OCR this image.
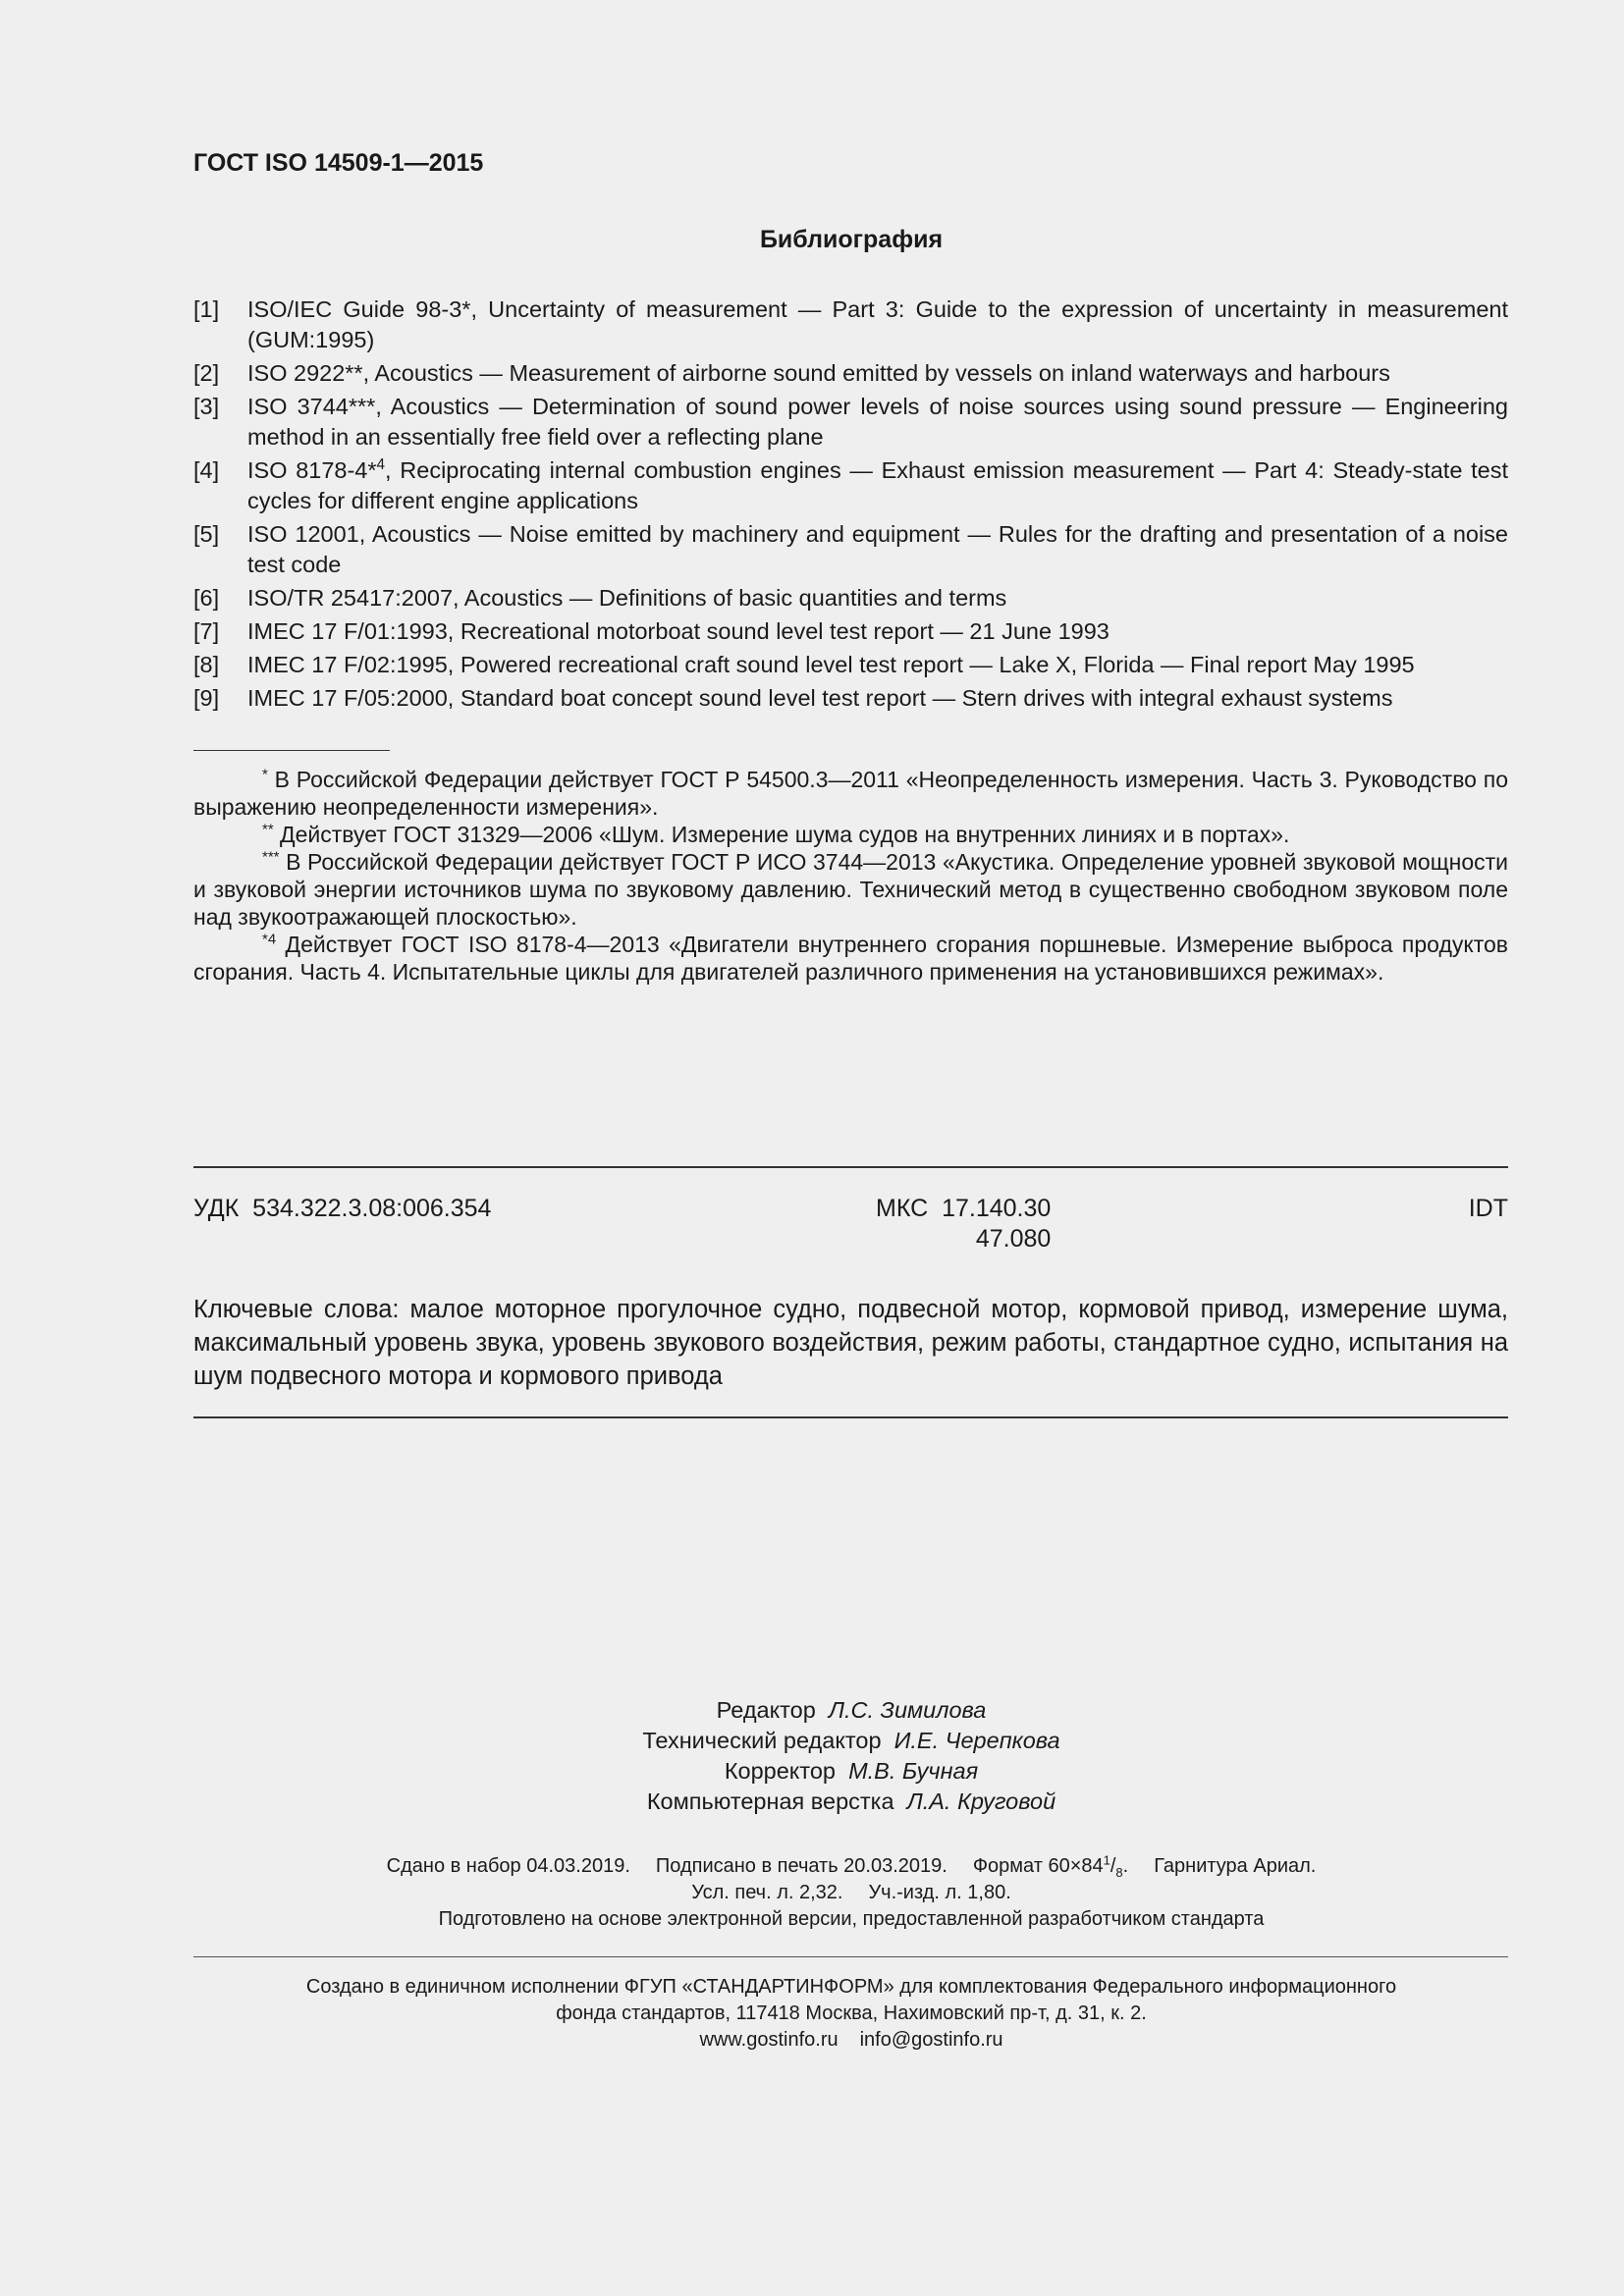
ГОСТ ISO 14509-1—2015
Библиография
[1]	ISO/IEC Guide 98-3*, Uncertainty of measurement — Part 3: Guide to the expression of uncertainty in measurement (GUM:1995)
[2]	ISO 2922**, Acoustics — Measurement of airborne sound emitted by vessels on inland waterways and harbours
[3]	ISO 3744***, Acoustics — Determination of sound power levels of noise sources using sound pressure — Engineering method in an essentially free field over a reflecting plane
[4]	ISO 8178-4*$^4$, Reciprocating internal combustion engines — Exhaust emission measurement — Part 4: Steady-state test cycles for different engine applications
[5]	ISO 12001, Acoustics — Noise emitted by machinery and equipment — Rules for the drafting and presentation of a noise test code
[6]	ISO/TR 25417:2007, Acoustics — Definitions of basic quantities and terms
[7]	IMEC 17 F/01:1993, Recreational motorboat sound level test report — 21 June 1993
[8]	IMEC 17 F/02:1995, Powered recreational craft sound level test report — Lake X, Florida — Final report May 1995
[9]	IMEC 17 F/05:2000, Standard boat concept sound level test report — Stern drives with integral exhaust systems
* В Российской Федерации действует ГОСТ Р 54500.3—2011 «Неопределенность измерения. Часть 3. Руководство по выражению неопределенности измерения».
** Действует ГОСТ 31329—2006 «Шум. Измерение шума судов на внутренних линиях и в портах».
*** В Российской Федерации действует ГОСТ Р ИСО 3744—2013 «Акустика. Определение уровней звуковой мощности и звуковой энергии источников шума по звуковому давлению. Технический метод в существенно свободном звуковом поле над звукоотражающей плоскостью».
$^{*4}$ Действует ГОСТ ISO 8178-4—2013 «Двигатели внутреннего сгорания поршневые. Измерение выброса продуктов сгорания. Часть 4. Испытательные циклы для двигателей различного применения на установившихся режимах».
УДК 534.322.3.08:006.354	МКС 17.140.30
47.080
IDT
Ключевые слова: малое моторное прогулочное судно, подвесной мотор, кормовой привод, измерение шума, максимальный уровень звука, уровень звукового воздействия, режим работы, стандартное судно, испытания на шум подвесного мотора и кормового привода
Редактор Л.С. Зимилова
Технический редактор И.Е. Черепкова
Корректор М.В. Бучная
Компьютерная верстка Л.А. Круговой
Сдано в набор 04.03.2019. Подписано в печать 20.03.2019. Формат $60\times 84^1/_8$. Гарнитура Ариал.
Усл. печ. л. 2,32. Уч.-изд. л. 1,80.
Подготовлено на основе электронной версии, предоставленной разработчиком стандарта
Создано в единичном исполнении ФГУП «СТАНДАРТИНФОРМ» для комплектования Федерального информационного
фонда стандартов, 117418 Москва, Нахимовский пр-т, д. 31, к. 2.
www.gostinfo.ru info@gostinfo.ru
